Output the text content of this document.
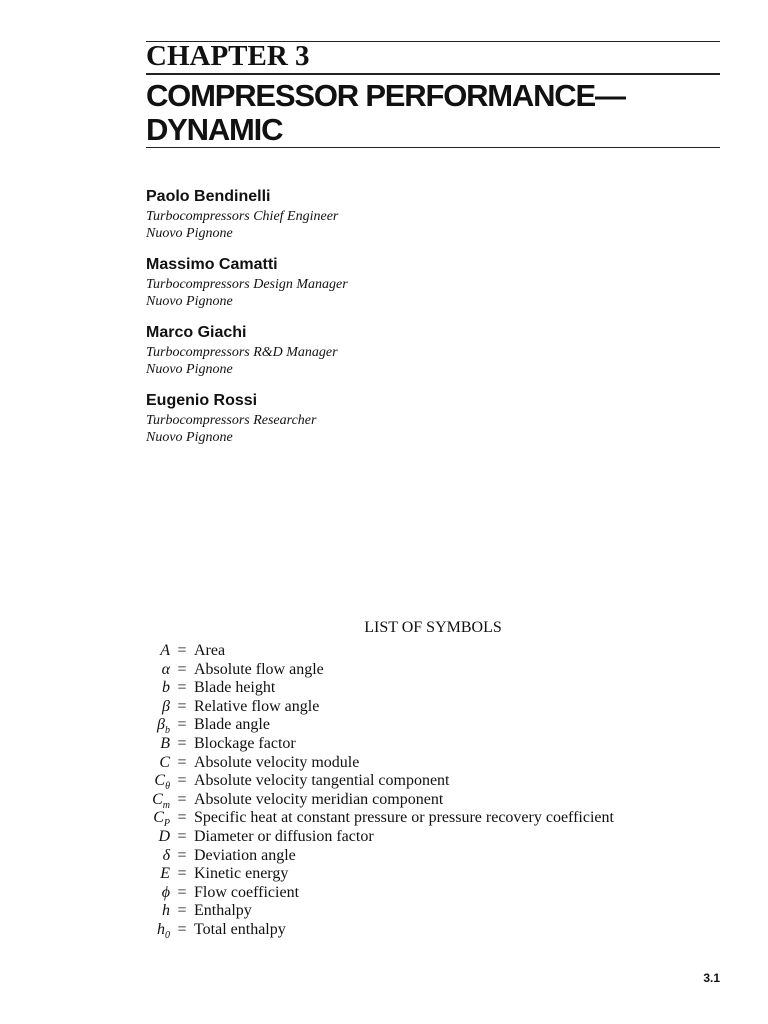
CHAPTER 3
COMPRESSOR PERFORMANCE—
DYNAMIC
Paolo Bendinelli
Turbocompressors Chief Engineer
Nuovo Pignone
Massimo Camatti
Turbocompressors Design Manager
Nuovo Pignone
Marco Giachi
Turbocompressors R&D Manager
Nuovo Pignone
Eugenio Rossi
Turbocompressors Researcher
Nuovo Pignone
LIST OF SYMBOLS
A = Area
α = Absolute flow angle
b = Blade height
β = Relative flow angle
$\beta_b$ = Blade angle
B = Blockage factor
C = Absolute velocity module
$C_\theta$ = Absolute velocity tangential component
$C_m$ = Absolute velocity meridian component
$C_P$ = Specific heat at constant pressure or pressure recovery coefficient
D = Diameter or diffusion factor
δ = Deviation angle
E = Kinetic energy
ϕ = Flow coefficient
h = Enthalpy
$h_0$ = Total enthalpy
3.1
